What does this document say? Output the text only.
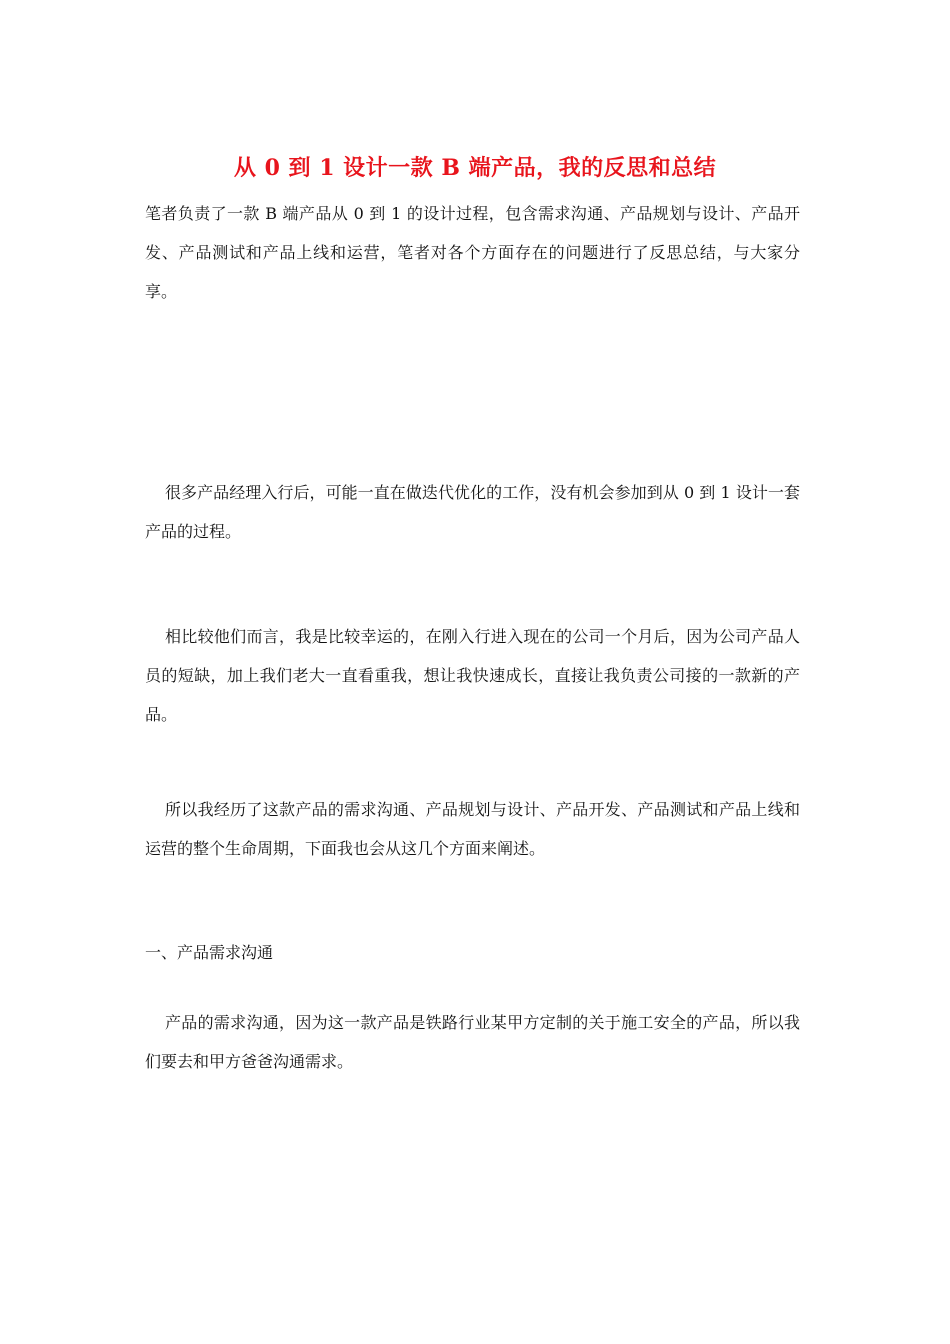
从 0 到 1 设计一款 B 端产品，我的反思和总结

笔者负责了一款 B 端产品从 0 到 1 的设计过程，包含需求沟通、产品规划与设计、产品开发、产品测试和产品上线和运营，笔者对各个方面存在的问题进行了反思总结，与大家分享。

很多产品经理入行后，可能一直在做迭代优化的工作，没有机会参加到从 0 到 1 设计一套产品的过程。

相比较他们而言，我是比较幸运的，在刚入行进入现在的公司一个月后，因为公司产品人员的短缺，加上我们老大一直看重我，想让我快速成长，直接让我负责公司接的一款新的产品。

所以我经历了这款产品的需求沟通、产品规划与设计、产品开发、产品测试和产品上线和运营的整个生命周期，下面我也会从这几个方面来阐述。

一、产品需求沟通

产品的需求沟通，因为这一款产品是铁路行业某甲方定制的关于施工安全的产品，所以我们要去和甲方爸爸沟通需求。
